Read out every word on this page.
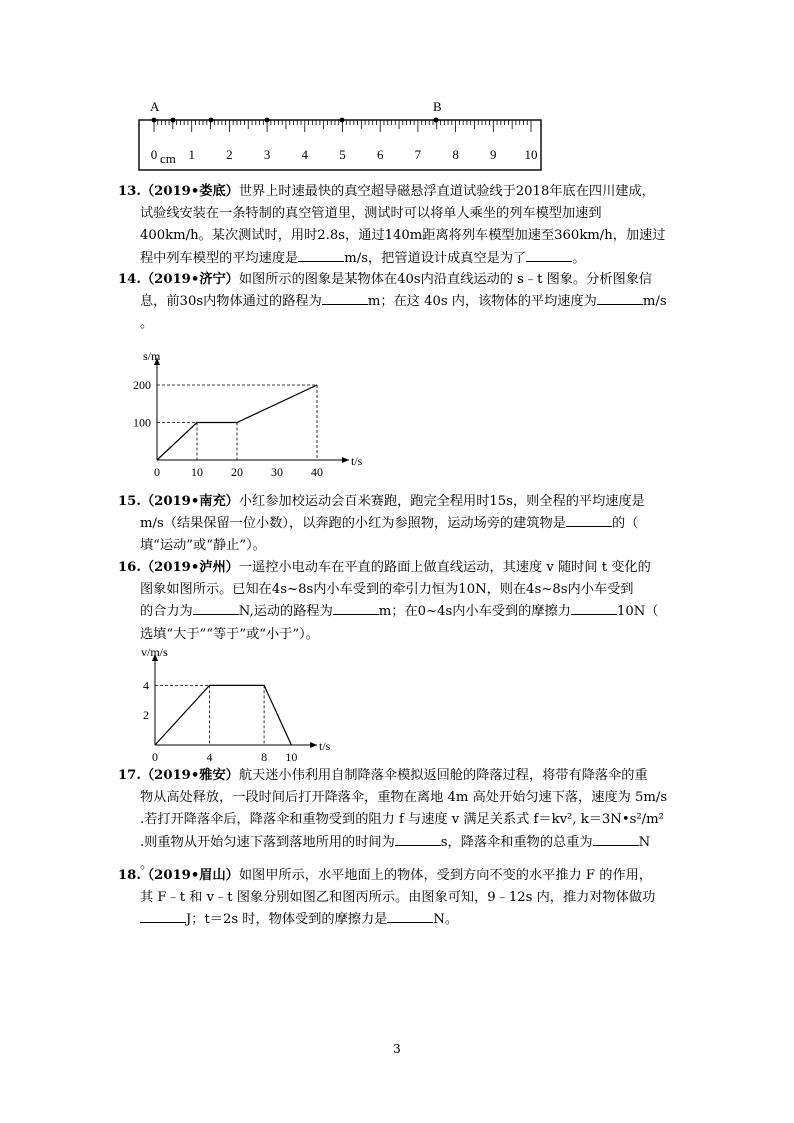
A	B
0 1 2 3 4 5 6 7 8 9 10
cm
13.（2019•娄底）世界上时速最快的真空超导磁悬浮直道试验线于2018年底在四川建成，
试验线安装在一条特制的真空管道里，测试时可以将单人乘坐的列车模型加速到
400km/h。某次测试时，用时2.8s，通过140m距离将列车模型加速至360km/h，加速过
程中列车模型的平均速度是	m/s，把管道设计成真空是为了	。
14.（2019•济宁）如图所示的图象是某物体在40s内沿直线运动的 s﹣t 图象。分析图象信
息，前30s内物体通过的路程为	m；在这 40s 内，该物体的平均速度为	m/s
。
s/m
t/s
0	10 20 30 40
100
200
15.（2019•南充）小红参加校运动会百米赛跑，跑完全程用时15s，则全程的平均速度是
m/s（结果保留一位小数），以奔跑的小红为参照物，运动场旁的建筑物是	的（
填“运动”或“静止”）。
16.（2019•泸州）一遥控小电动车在平直的路面上做直线运动，其速度 v 随时间 t 变化的
图象如图所示。已知在4s~8s内小车受到的牵引力恒为10N，则在4s~8s内小车受到
的合力为	N,运动的路程为	m；在0~4s内小车受到的摩擦力	10N（
选填“大于”“等于”或“小于”）。
v/m/s
t/s
0	4	8 10
2
4
17.（2019•雅安）航天迷小伟利用自制降落伞模拟返回舱的降落过程，将带有降落伞的重
物从高处释放，一段时间后打开降落伞，重物在离地 4m 高处开始匀速下落，速度为 5m/s
.若打开降落伞后，降落伞和重物受到的阻力 f 与速度 v 满足关系式 f＝kv², k＝3N•s²/m²
.则重物从开始匀速下落到落地所用的时间为	s，降落伞和重物的总重为	N
。
18.（2019•眉山）如图甲所示，水平地面上的物体，受到方向不变的水平推力 F 的作用，
其 F﹣t 和 v﹣t 图象分别如图乙和图丙所示。由图象可知，9﹣12s 内，推力对物体做功
J；t＝2s 时，物体受到的摩擦力是	N。
3
